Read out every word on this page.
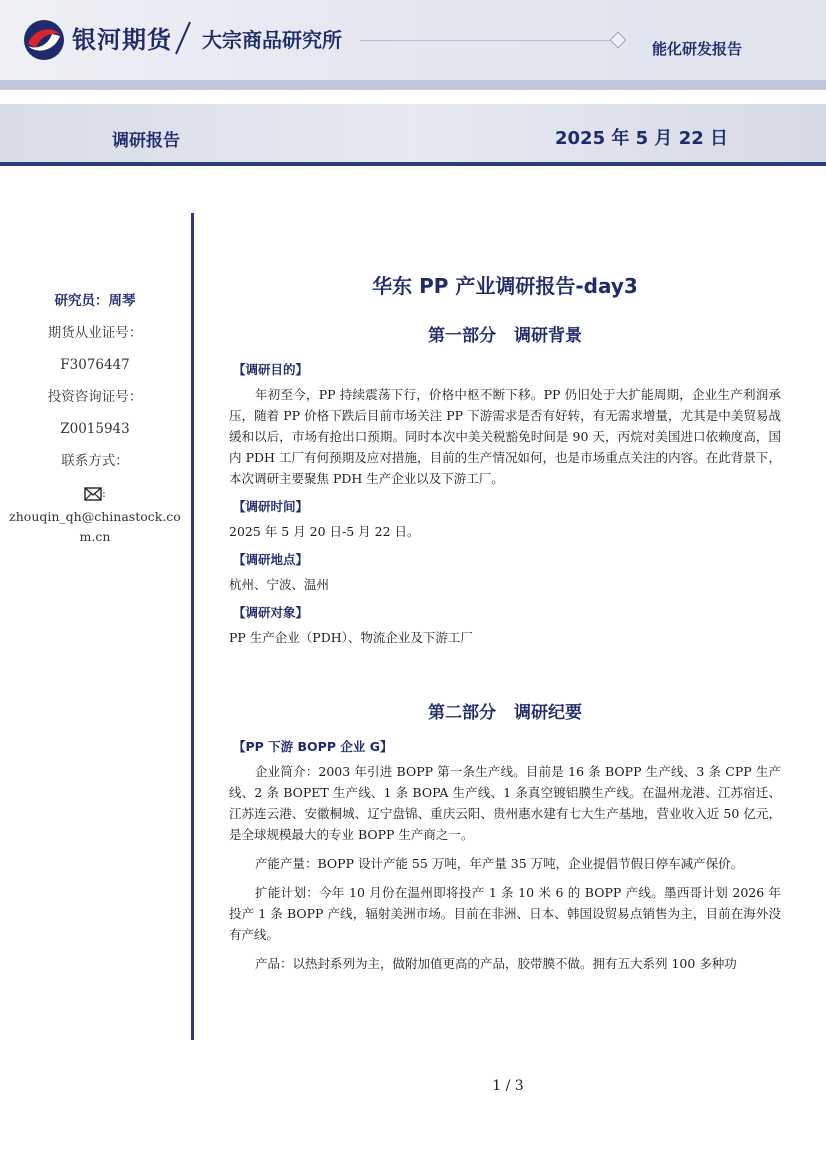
银河期货 大宗商品研究所	能化研发报告
调研报告	2025 年 5 月 22 日
研究员：周琴
期货从业证号：
F3076447
投资咨询证号：
Z0015943
联系方式：
:
zhouqin_qh@chinastock.com.cn
华东 PP 产业调研报告-day3
第一部分 调研背景
【调研目的】

年初至今，PP 持续震荡下行，价格中枢不断下移。PP 仍旧处于大扩能周期，企业生产利润承压，随着 PP 价格下跌后目前市场关注 PP 下游需求是否有好转，有无需求增量，尤其是中美贸易战缓和以后，市场有抢出口预期。同时本次中美关税豁免时间是 90 天，丙烷对美国进口依赖度高，国内 PDH 工厂有何预期及应对措施，目前的生产情况如何，也是市场重点关注的内容。在此背景下，本次调研主要聚焦 PDH 生产企业以及下游工厂。

【调研时间】

2025 年 5 月 20 日-5 月 22 日。

【调研地点】

杭州、宁波、温州

【调研对象】

PP 生产企业（PDH）、物流企业及下游工厂

第二部分 调研纪要
【PP 下游 BOPP 企业 G】

企业简介：2003 年引进 BOPP 第一条生产线。目前是 16 条 BOPP 生产线、3 条 CPP 生产线、2 条 BOPET 生产线、1 条 BOPA 生产线、1 条真空镀铝膜生产线。在温州龙港、江苏宿迁、江苏连云港、安徽桐城、辽宁盘锦、重庆云阳、贵州惠水建有七大生产基地，营业收入近 50 亿元，是全球规模最大的专业 BOPP 生产商之一。

产能产量：BOPP 设计产能 55 万吨，年产量 35 万吨，企业提倡节假日停车减产保价。

扩能计划：今年 10 月份在温州即将投产 1 条 10 米 6 的 BOPP 产线。墨西哥计划 2026 年投产 1 条 BOPP 产线，辐射美洲市场。目前在非洲、日本、韩国设贸易点销售为主，目前在海外没有产线。

产品：以热封系列为主，做附加值更高的产品，胶带膜不做。拥有五大系列 100 多种功

1 / 3
